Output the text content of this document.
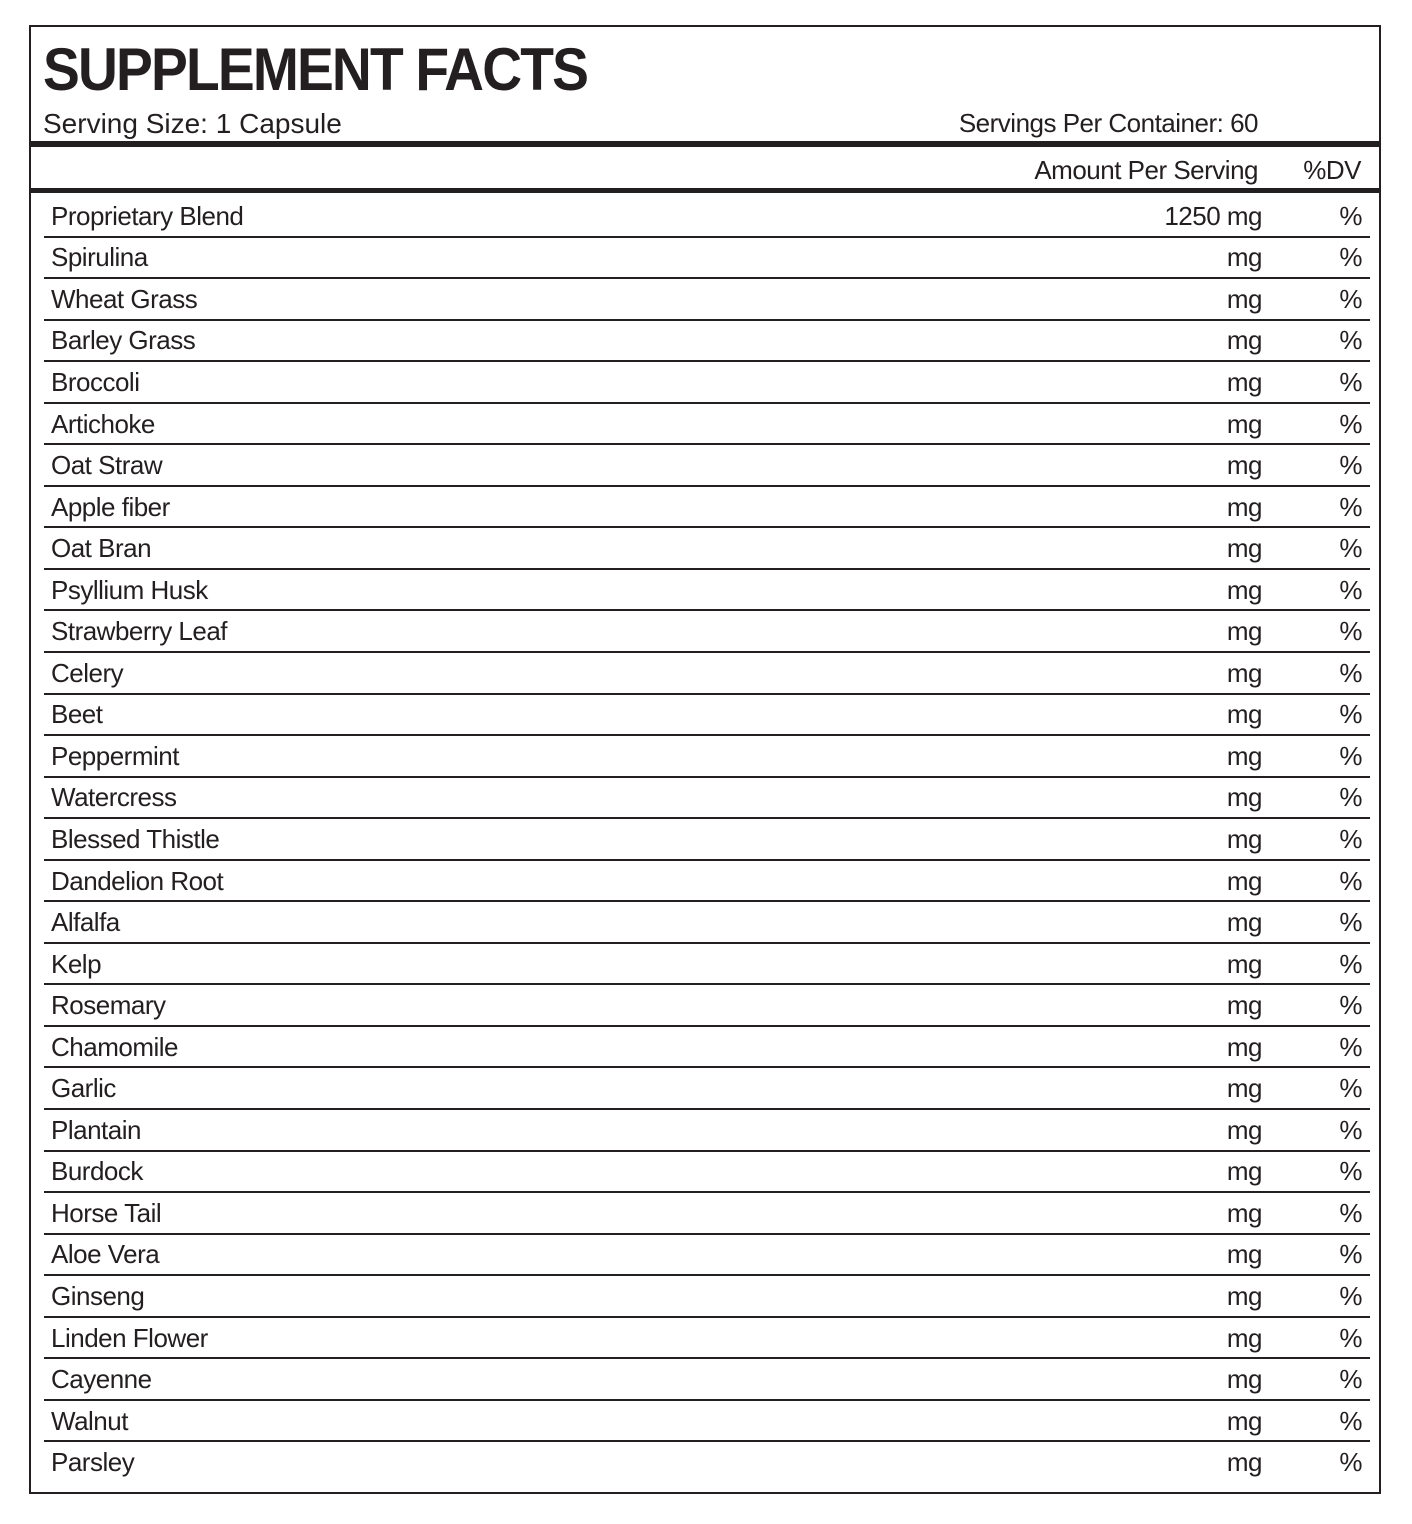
SUPPLEMENT FACTS
Serving Size: 1 Capsule	Servings Per Container: 60
Amount Per Serving %DV
Proprietary Blend	1250 mg	%
Spirulina	mg	%
Wheat Grass	mg	%
Barley Grass	mg	%
Broccoli	mg	%
Artichoke	mg	%
Oat Straw	mg	%
Apple fiber	mg	%
Oat Bran	mg	%
Psyllium Husk	mg	%
Strawberry Leaf	mg	%
Celery	mg	%
Beet	mg	%
Peppermint	mg	%
Watercress	mg	%
Blessed Thistle	mg	%
Dandelion Root	mg	%
Alfalfa	mg	%
Kelp	mg	%
Rosemary	mg	%
Chamomile	mg	%
Garlic	mg	%
Plantain	mg	%
Burdock	mg	%
Horse Tail	mg	%
Aloe Vera	mg	%
Ginseng	mg	%
Linden Flower	mg	%
Cayenne	mg	%
Walnut	mg	%
Parsley	mg	%
